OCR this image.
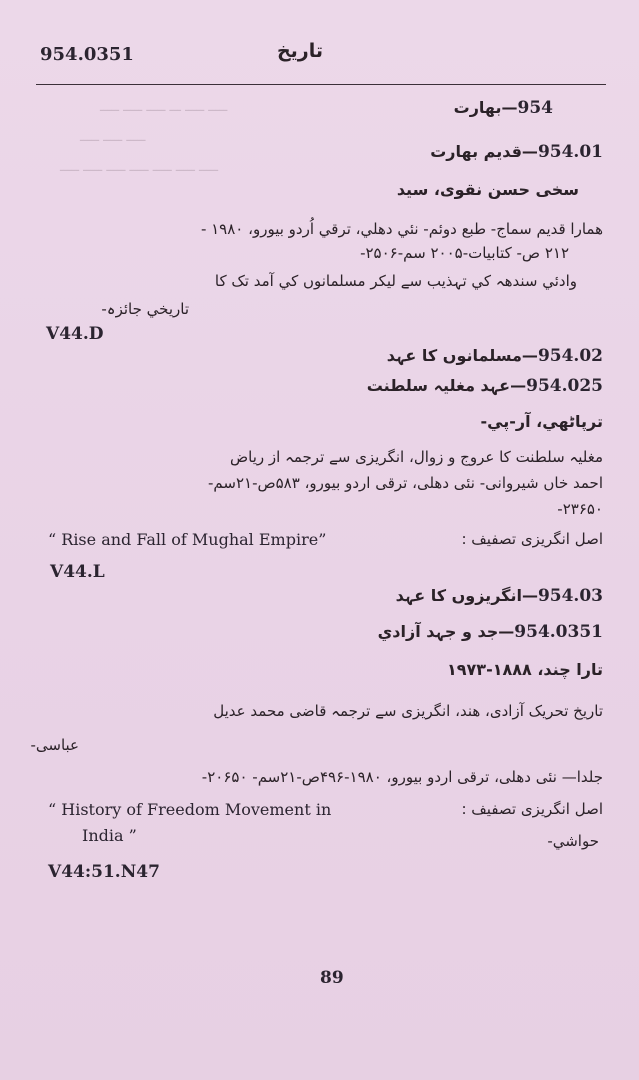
ـــــ ـــــ ـــ ـــــ ـــــ ـــــ
ـــــ ـــــ ـــــ
ـــــ ـــــ ـــــ ـــــ ـــــ ـــــ ـــــ
954.0351	تاریخ
954—بھارت
954.01—قدیم بھارت
سخی حسن نقوی، سید
ھمارا قدیم سماج- طبع دوئم- نئي دھلي، ترقي اُردو بیورو، ۱۹۸۰ -
۲۱۲ ص- کتابیات-۲۰۰۵ سم-۲۵۰۶-
وادئي سندھہ کي تہذیب سے لیکر مسلمانوں کي آمد تک کا
تاریخي جائزہ-
V44.D
954.02—مسلمانوں کا عہد
954.025—عہد مغلیہ سلطنت
ترپاٹھي، آر-پي-
مغلیہ سلطنت کا عروج و زوال، انگریزی سے ترجمہ از ریاض
احمد خاں شیروانی- نئی دھلی، ترقی اردو بیورو، ۵۸۳ص-۲۱سم-
۲۳۶۵۰-
اصل انگریزی تصفیف :
“ Rise and Fall of Mughal Empire”
V44.L
954.03—انگریزوں کا عہد
954.0351—جد و جہد آزادي
تارا چند، ۱۸۸۸-۱۹۷۳
تاریخ تحریک آزادی، ھند، انگریزی سے ترجمہ قاضی محمد عدیل
عباسی-
جلدا— نئی دھلی، ترقی اردو بیورو، ۱۹۸۰-۴۹۶ص-۲۱سم- ۲۰۶۵۰-
اصل انگریزی تصفیف :
“ History of Freedom Movement in
India ”	حواشي-
V44:51.N47
89
